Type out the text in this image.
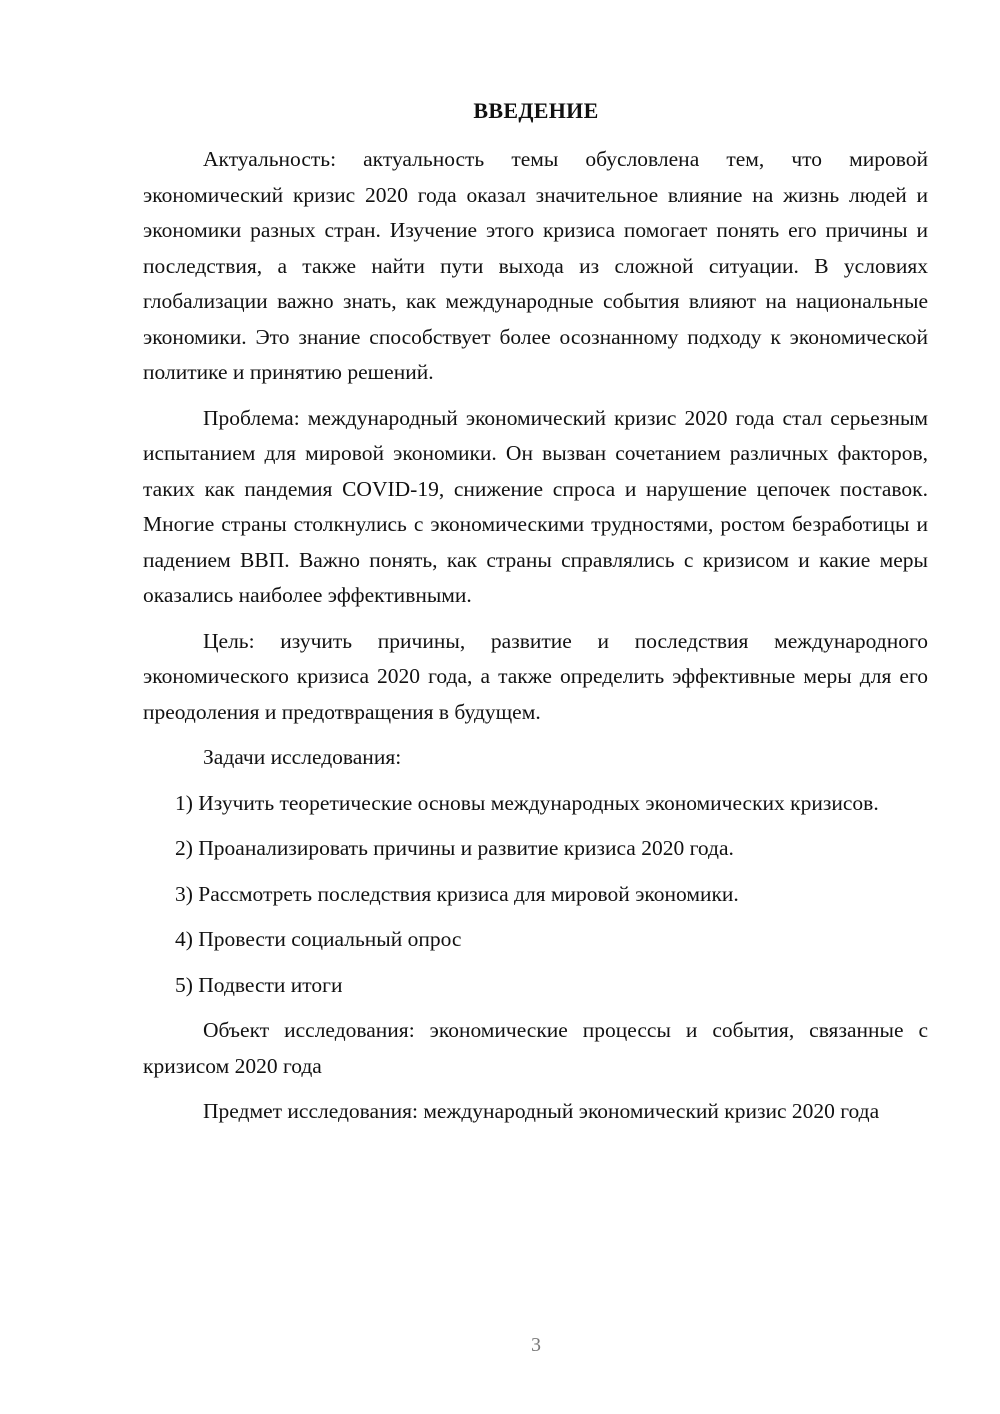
ВВЕДЕНИЕ

Актуальность: актуальность темы обусловлена тем, что мировой экономический кризис 2020 года оказал значительное влияние на жизнь людей и экономики разных стран. Изучение этого кризиса помогает понять его причины и последствия, а также найти пути выхода из сложной ситуации. В условиях глобализации важно знать, как международные события влияют на национальные экономики. Это знание способствует более осознанному подходу к экономической политике и принятию решений.

Проблема: международный экономический кризис 2020 года стал серьезным испытанием для мировой экономики. Он вызван сочетанием различных факторов, таких как пандемия COVID-19, снижение спроса и нарушение цепочек поставок. Многие страны столкнулись с экономическими трудностями, ростом безработицы и падением ВВП. Важно понять, как страны справлялись с кризисом и какие меры оказались наиболее эффективными.

Цель: изучить причины, развитие и последствия международного экономического кризиса 2020 года, а также определить эффективные меры для его преодоления и предотвращения в будущем.

Задачи исследования:

1) Изучить теоретические основы международных экономических кризисов.

2) Проанализировать причины и развитие кризиса 2020 года.

3) Рассмотреть последствия кризиса для мировой экономики.

4) Провести социальный опрос

5) Подвести итоги

Объект исследования: экономические процессы и события, связанные с кризисом 2020 года

Предмет исследования: международный экономический кризис 2020 года

3
